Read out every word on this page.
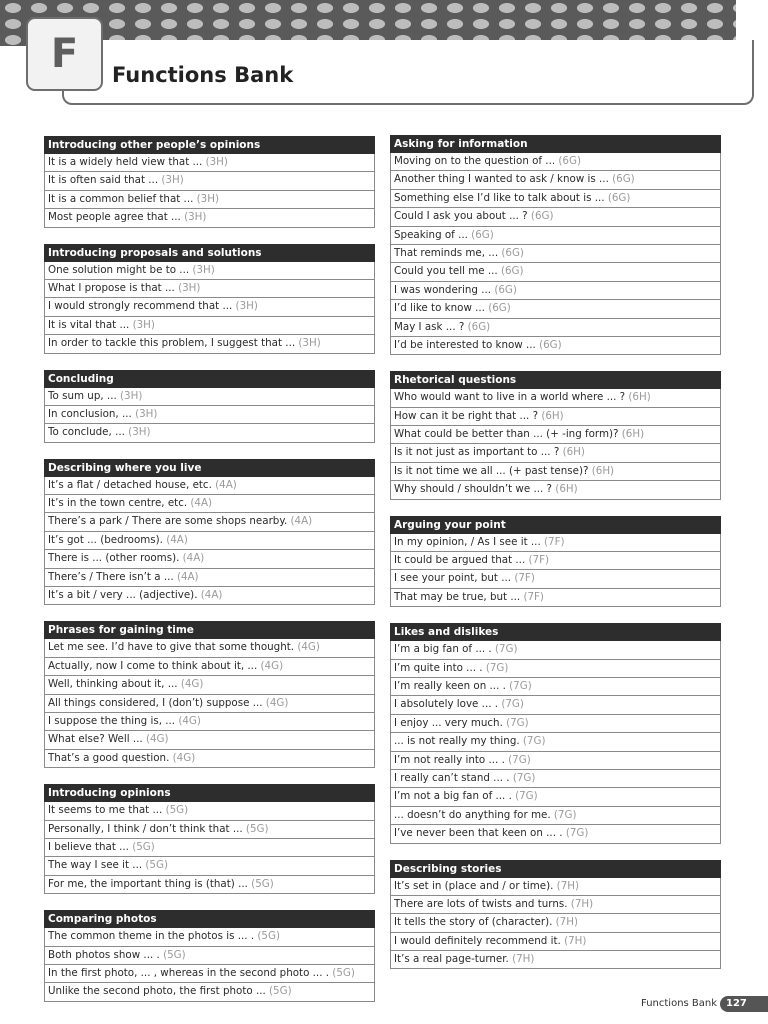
F	Functions Bank
Introducing other people’s opinions
It is a widely held view that ... (3H)
It is often said that ... (3H)
It is a common belief that ... (3H)
Most people agree that ... (3H)
Introducing proposals and solutions
One solution might be to ... (3H)
What I propose is that ... (3H)
I would strongly recommend that ... (3H)
It is vital that ... (3H)
In order to tackle this problem, I suggest that ... (3H)
Concluding
To sum up, ... (3H)
In conclusion, ... (3H)
To conclude, ... (3H)
Describing where you live
It’s a flat / detached house, etc. (4A)
It’s in the town centre, etc. (4A)
There’s a park / There are some shops nearby. (4A)
It’s got ... (bedrooms). (4A)
There is ... (other rooms). (4A)
There’s / There isn’t a ... (4A)
It’s a bit / very ... (adjective). (4A)
Phrases for gaining time
Let me see. I’d have to give that some thought. (4G)
Actually, now I come to think about it, ... (4G)
Well, thinking about it, ... (4G)
All things considered, I (don’t) suppose ... (4G)
I suppose the thing is, ... (4G)
What else? Well ... (4G)
That’s a good question. (4G)
Introducing opinions
It seems to me that ... (5G)
Personally, I think / don’t think that ... (5G)
I believe that ... (5G)
The way I see it ... (5G)
For me, the important thing is (that) ... (5G)
Comparing photos
The common theme in the photos is ... . (5G)
Both photos show ... . (5G)
In the first photo, ... , whereas in the second photo ... . (5G)
Unlike the second photo, the first photo ... (5G)
Asking for information
Moving on to the question of ... (6G)
Another thing I wanted to ask / know is ... (6G)
Something else I’d like to talk about is ... (6G)
Could I ask you about ... ? (6G)
Speaking of ... (6G)
That reminds me, ... (6G)
Could you tell me ... (6G)
I was wondering ... (6G)
I’d like to know ... (6G)
May I ask ... ? (6G)
I’d be interested to know ... (6G)
Rhetorical questions
Who would want to live in a world where ... ? (6H)
How can it be right that ... ? (6H)
What could be better than ... (+ -ing form)? (6H)
Is it not just as important to ... ? (6H)
Is it not time we all ... (+ past tense)? (6H)
Why should / shouldn’t we ... ? (6H)
Arguing your point
In my opinion, / As I see it ... (7F)
It could be argued that ... (7F)
I see your point, but ... (7F)
That may be true, but ... (7F)
Likes and dislikes
I’m a big fan of ... . (7G)
I’m quite into ... . (7G)
I’m really keen on ... . (7G)
I absolutely love ... . (7G)
I enjoy ... very much. (7G)
... is not really my thing. (7G)
I’m not really into ... . (7G)
I really can’t stand ... . (7G)
I’m not a big fan of ... . (7G)
... doesn’t do anything for me. (7G)
I’ve never been that keen on ... . (7G)
Describing stories
It’s set in (place and / or time). (7H)
There are lots of twists and turns. (7H)
It tells the story of (character). (7H)
I would definitely recommend it. (7H)
It’s a real page-turner. (7H)
Functions Bank 127
